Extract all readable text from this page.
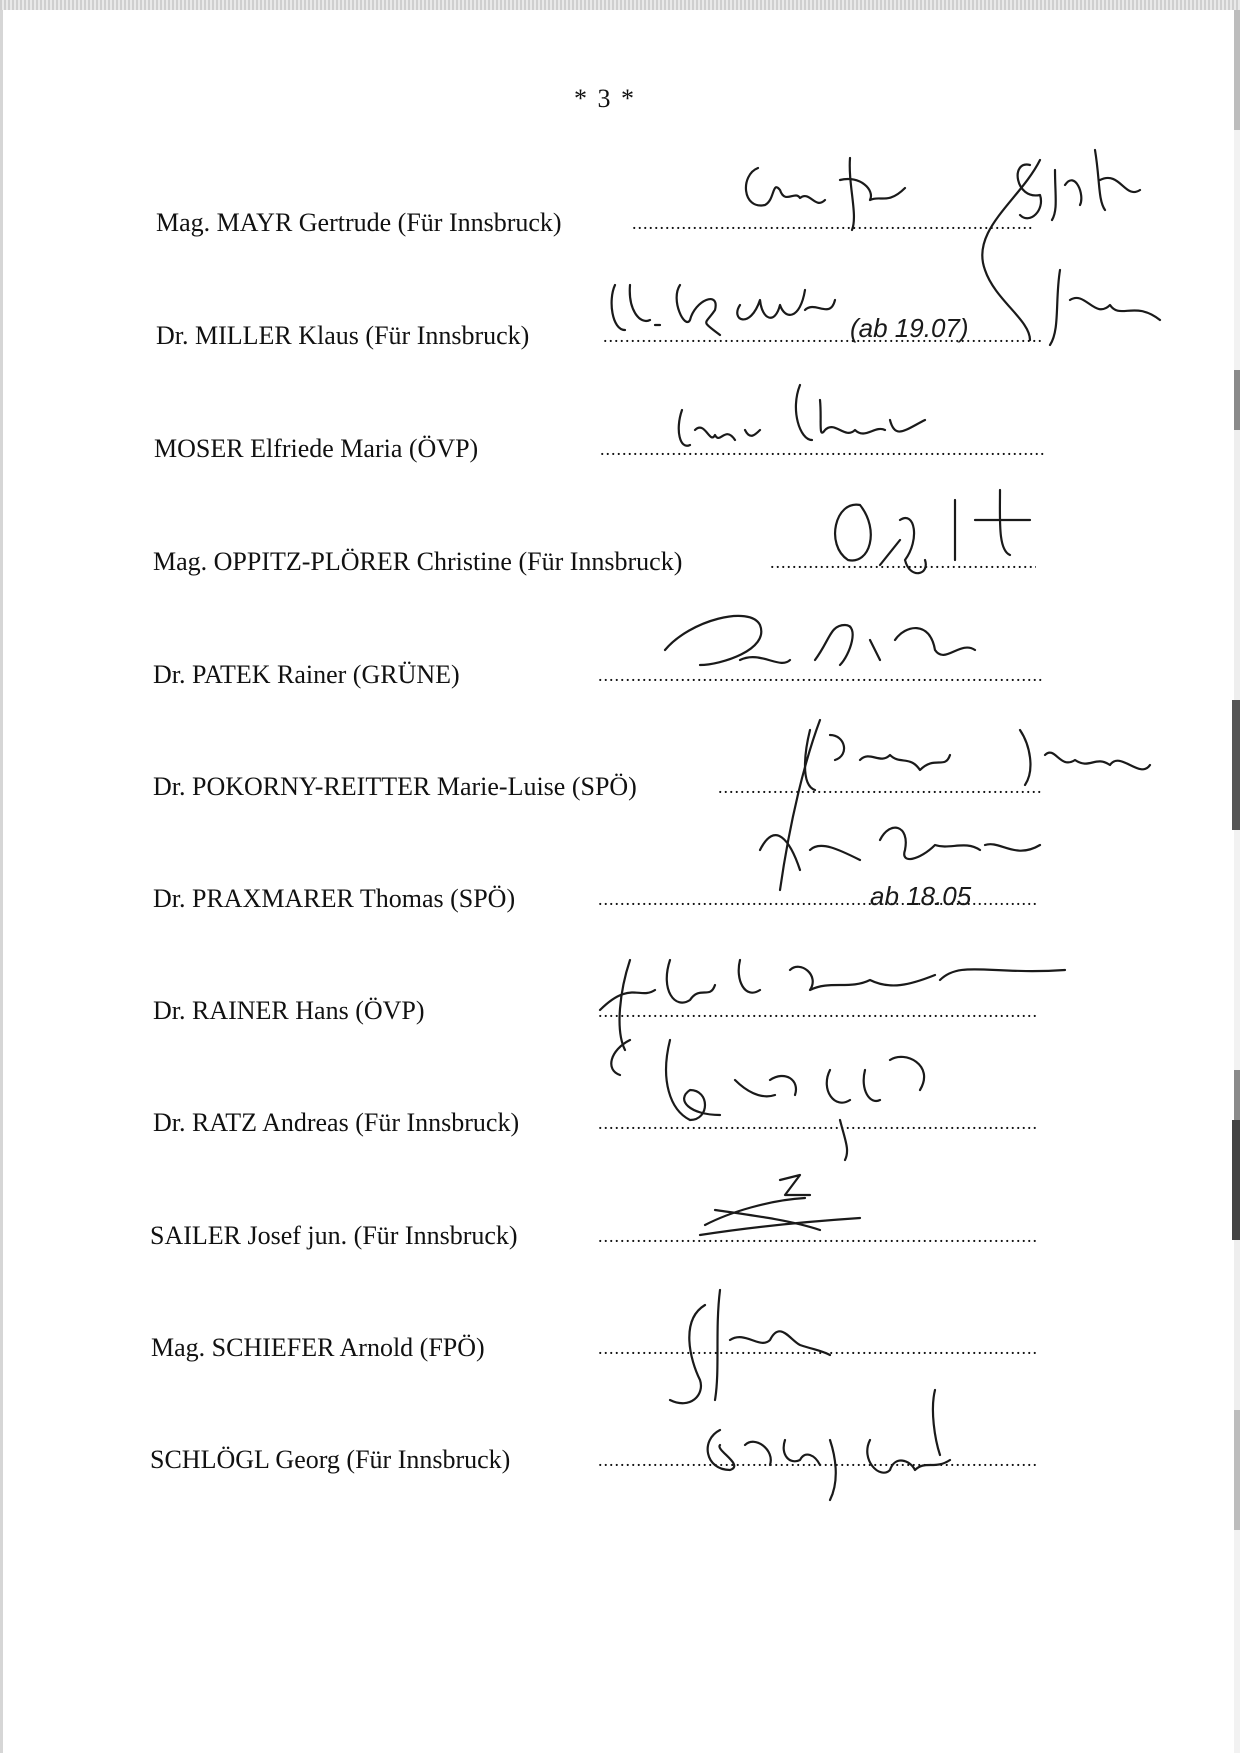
* 3 *
Mag. MAYR Gertrude (Für Innsbruck)
.....
Dr. MILLER Klaus (Für Innsbruck)
.....
MOSER Elfriede Maria (ÖVP)
.....
Mag. OPPITZ-PLÖRER Christine (Für Innsbruck)
.....
Dr. PATEK Rainer (GRÜNE)
.....
Dr. POKORNY-REITTER Marie-Luise (SPÖ)
.....
Dr. PRAXMARER Thomas (SPÖ)
.....
Dr. RAINER Hans (ÖVP)
.....
Dr. RATZ Andreas (Für Innsbruck)
.....
SAILER Josef jun. (Für Innsbruck)
.....
Mag. SCHIEFER Arnold (FPÖ)
.....
SCHLÖGL Georg (Für Innsbruck)
.....
(ab 19.07)
ab 18.05
